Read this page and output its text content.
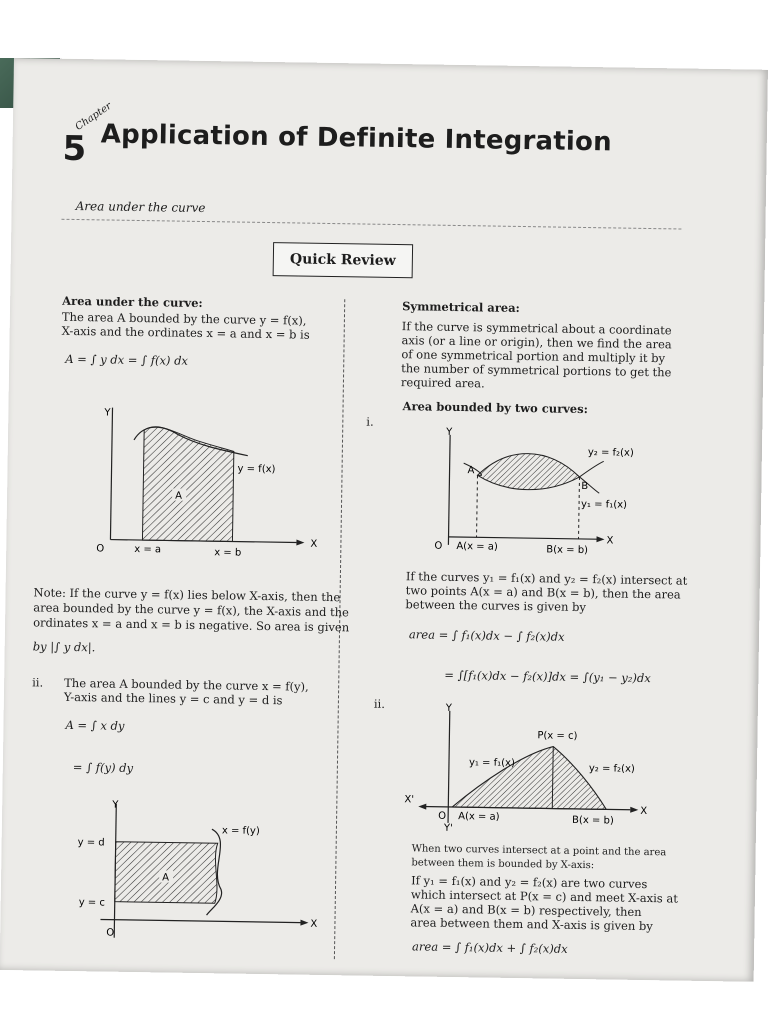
Chapter
5 Application of Definite Integration
Area under the curve
Quick Review
Area under the curve:
The area A bounded by the curve y = f(x),
X-axis and the ordinates x = a and x = b is
A = ∫ y dx = ∫ f(x) dx
A
Y
X
O
y = f(x)
x = a	x = b
Note: If the curve y = f(x) lies below X-axis, then the
area bounded by the curve y = f(x), the X-axis and the
ordinates x = a and x = b is negative. So area is given
by |∫ y dx|.
ii. The area A bounded by the curve x = f(y),
Y-axis and the lines y = c and y = d is
A = ∫ x dy
= ∫ f(y) dy
A
Y
X
O
x = f(y)
y = d
y = c
Symmetrical area:
If the curve is symmetrical about a coordinate
axis (or a line or origin), then we find the area
of one symmetrical portion and multiply it by
the number of symmetrical portions to get the
required area.
Area bounded by two curves:
i.
Y
X
O
A
B
y₂ = f₂(x)
y₁ = f₁(x)
A(x = a)	B(x = b)
If the curves y₁ = f₁(x) and y₂ = f₂(x) intersect at
two points A(x = a) and B(x = b), then the area
between the curves is given by
area = ∫ f₁(x)dx − ∫ f₂(x)dx
= ∫[f₁(x)dx − f₂(x)]dx = ∫(y₁ − y₂)dx
ii.	Y
Y'
X
X'
O
P(x = c)
y₁ = f₁(x)
y₂ = f₂(x)
A(x = a)	B(x = b)
When two curves intersect at a point and the area
between them is bounded by X-axis:
If y₁ = f₁(x) and y₂ = f₂(x) are two curves
which intersect at P(x = c) and meet X-axis at
A(x = a) and B(x = b) respectively, then
area between them and X-axis is given by
area = ∫ f₁(x)dx + ∫ f₂(x)dx
